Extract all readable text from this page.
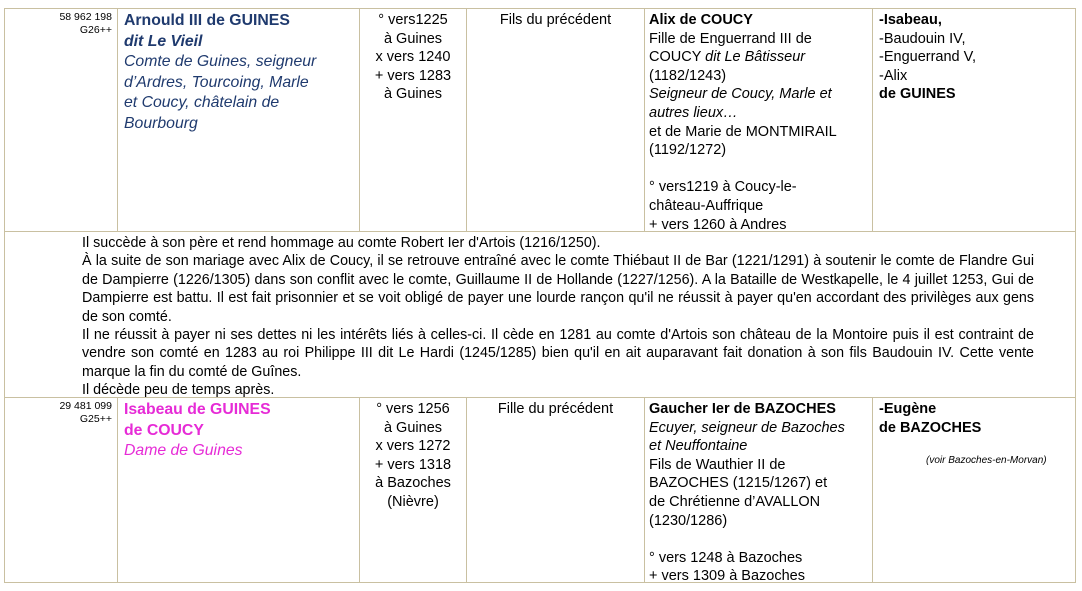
58 962 198
G26++
Arnould III de GUINES
dit Le Vieil
Comte de Guines, seigneur
d’Ardres, Tourcoing, Marle
et Coucy, châtelain de
Bourbourg
° vers1225
à Guines
x vers 1240
+ vers 1283
à Guines
Fils du précédent	Alix de COUCY
Fille de Enguerrand III de
COUCY dit Le Bâtisseur
(1182/1243)
Seigneur de Coucy, Marle et
autres lieux…
et de Marie de MONTMIRAIL
(1192/1272)
° vers1219 à Coucy-le-
château-Auffrique
+ vers 1260 à Andres
-Isabeau,
-Baudouin IV,
-Enguerrand V,
-Alix
de GUINES

Il succède à son père et rend hommage au comte Robert Ier d'Artois (1216/1250).

À la suite de son mariage avec Alix de Coucy, il se retrouve entraîné avec le comte Thiébaut II de Bar (1221/1291) à soutenir le comte de Flandre Gui de Dampierre (1226/1305) dans son conflit avec le comte, Guillaume II de Hollande (1227/1256). A la Bataille de Westkapelle, le 4 juillet 1253, Gui de Dampierre est battu. Il est fait prisonnier et se voit obligé de payer une lourde rançon qu'il ne réussit à payer qu'en accordant des privilèges aux gens de son comté.

Il ne réussit à payer ni ses dettes ni les intérêts liés à celles-ci. Il cède en 1281 au comte d'Artois son château de la Montoire puis il est contraint de vendre son comté en 1283 au roi Philippe III dit Le Hardi (1245/1285) bien qu'il en ait auparavant fait donation à son fils Baudouin IV. Cette vente marque la fin du comté de Guînes.

Il décède peu de temps après.

29 481 099
G25++
Isabeau de GUINES
de COUCY
Dame de Guines
° vers 1256
à Guines
x vers 1272
+ vers 1318
à Bazoches
(Nièvre)
Fille du précédent	Gaucher Ier de BAZOCHES
Ecuyer, seigneur de Bazoches
et Neuffontaine
Fils de Wauthier II de
BAZOCHES (1215/1267) et
de Chrétienne d’AVALLON
(1230/1286)
° vers 1248 à Bazoches
+ vers 1309 à Bazoches
-Eugène
de BAZOCHES
(voir Bazoches-en-Morvan)
